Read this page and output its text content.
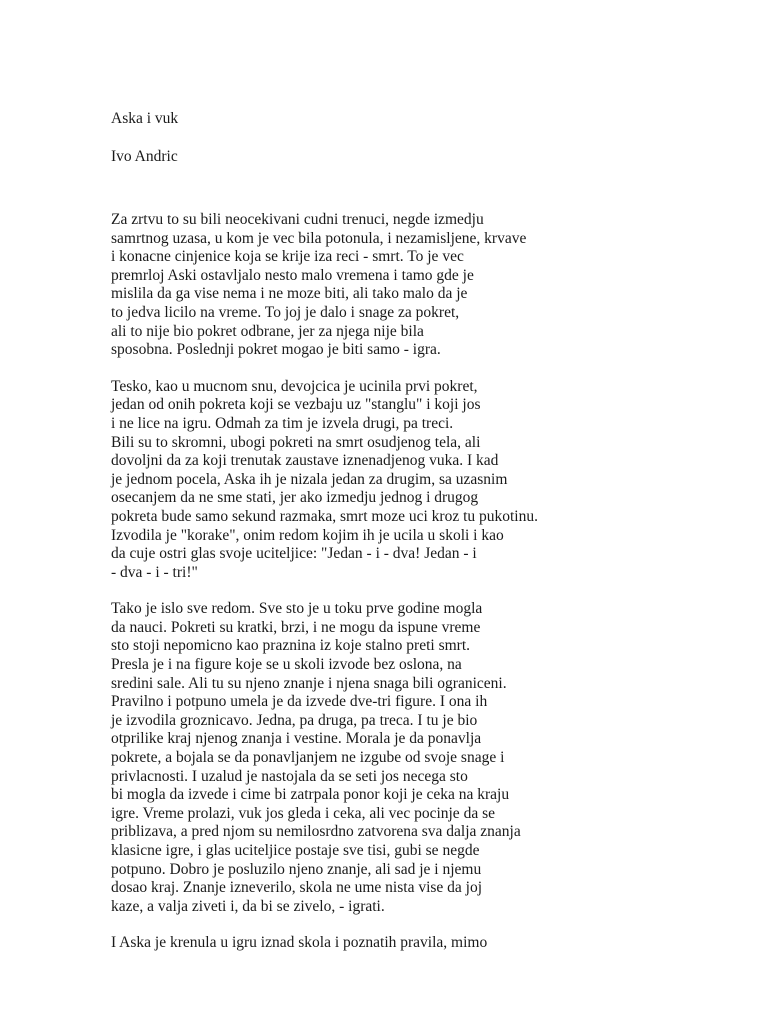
Aska i vuk
Ivo Andric

Za zrtvu to su bili neocekivani cudni trenuci, negde izmedju
samrtnog uzasa, u kom je vec bila potonula, i nezamisljene, krvave
i konacne cinjenice koja se krije iza reci - smrt. To je vec
premrloj Aski ostavljalo nesto malo vremena i tamo gde je
mislila da ga vise nema i ne moze biti, ali tako malo da je
to jedva licilo na vreme. To joj je dalo i snage za pokret,
ali to nije bio pokret odbrane, jer za njega nije bila
sposobna. Poslednji pokret mogao je biti samo - igra.

Tesko, kao u mucnom snu, devojcica je ucinila prvi pokret,
jedan od onih pokreta koji se vezbaju uz "stanglu" i koji jos
i ne lice na igru. Odmah za tim je izvela drugi, pa treci.
Bili su to skromni, ubogi pokreti na smrt osudjenog tela, ali
dovoljni da za koji trenutak zaustave iznenadjenog vuka. I kad
je jednom pocela, Aska ih je nizala jedan za drugim, sa uzasnim
osecanjem da ne sme stati, jer ako izmedju jednog i drugog
pokreta bude samo sekund razmaka, smrt moze uci kroz tu pukotinu.
Izvodila je "korake", onim redom kojim ih je ucila u skoli i kao
da cuje ostri glas svoje uciteljice: "Jedan - i - dva! Jedan - i
- dva - i - tri!"

Tako je islo sve redom. Sve sto je u toku prve godine mogla
da nauci. Pokreti su kratki, brzi, i ne mogu da ispune vreme
sto stoji nepomicno kao praznina iz koje stalno preti smrt.
Presla je i na figure koje se u skoli izvode bez oslona, na
sredini sale. Ali tu su njeno znanje i njena snaga bili ograniceni.
Pravilno i potpuno umela je da izvede dve-tri figure. I ona ih
je izvodila groznicavo. Jedna, pa druga, pa treca. I tu je bio
otprilike kraj njenog znanja i vestine. Morala je da ponavlja
pokrete, a bojala se da ponavljanjem ne izgube od svoje snage i
privlacnosti. I uzalud je nastojala da se seti jos necega sto
bi mogla da izvede i cime bi zatrpala ponor koji je ceka na kraju
igre. Vreme prolazi, vuk jos gleda i ceka, ali vec pocinje da se
priblizava, a pred njom su nemilosrdno zatvorena sva dalja znanja
klasicne igre, i glas uciteljice postaje sve tisi, gubi se negde
potpuno. Dobro je posluzilo njeno znanje, ali sad je i njemu
dosao kraj. Znanje izneverilo, skola ne ume nista vise da joj
kaze, a valja ziveti i, da bi se zivelo, - igrati.

I Aska je krenula u igru iznad skola i poznatih pravila, mimo
